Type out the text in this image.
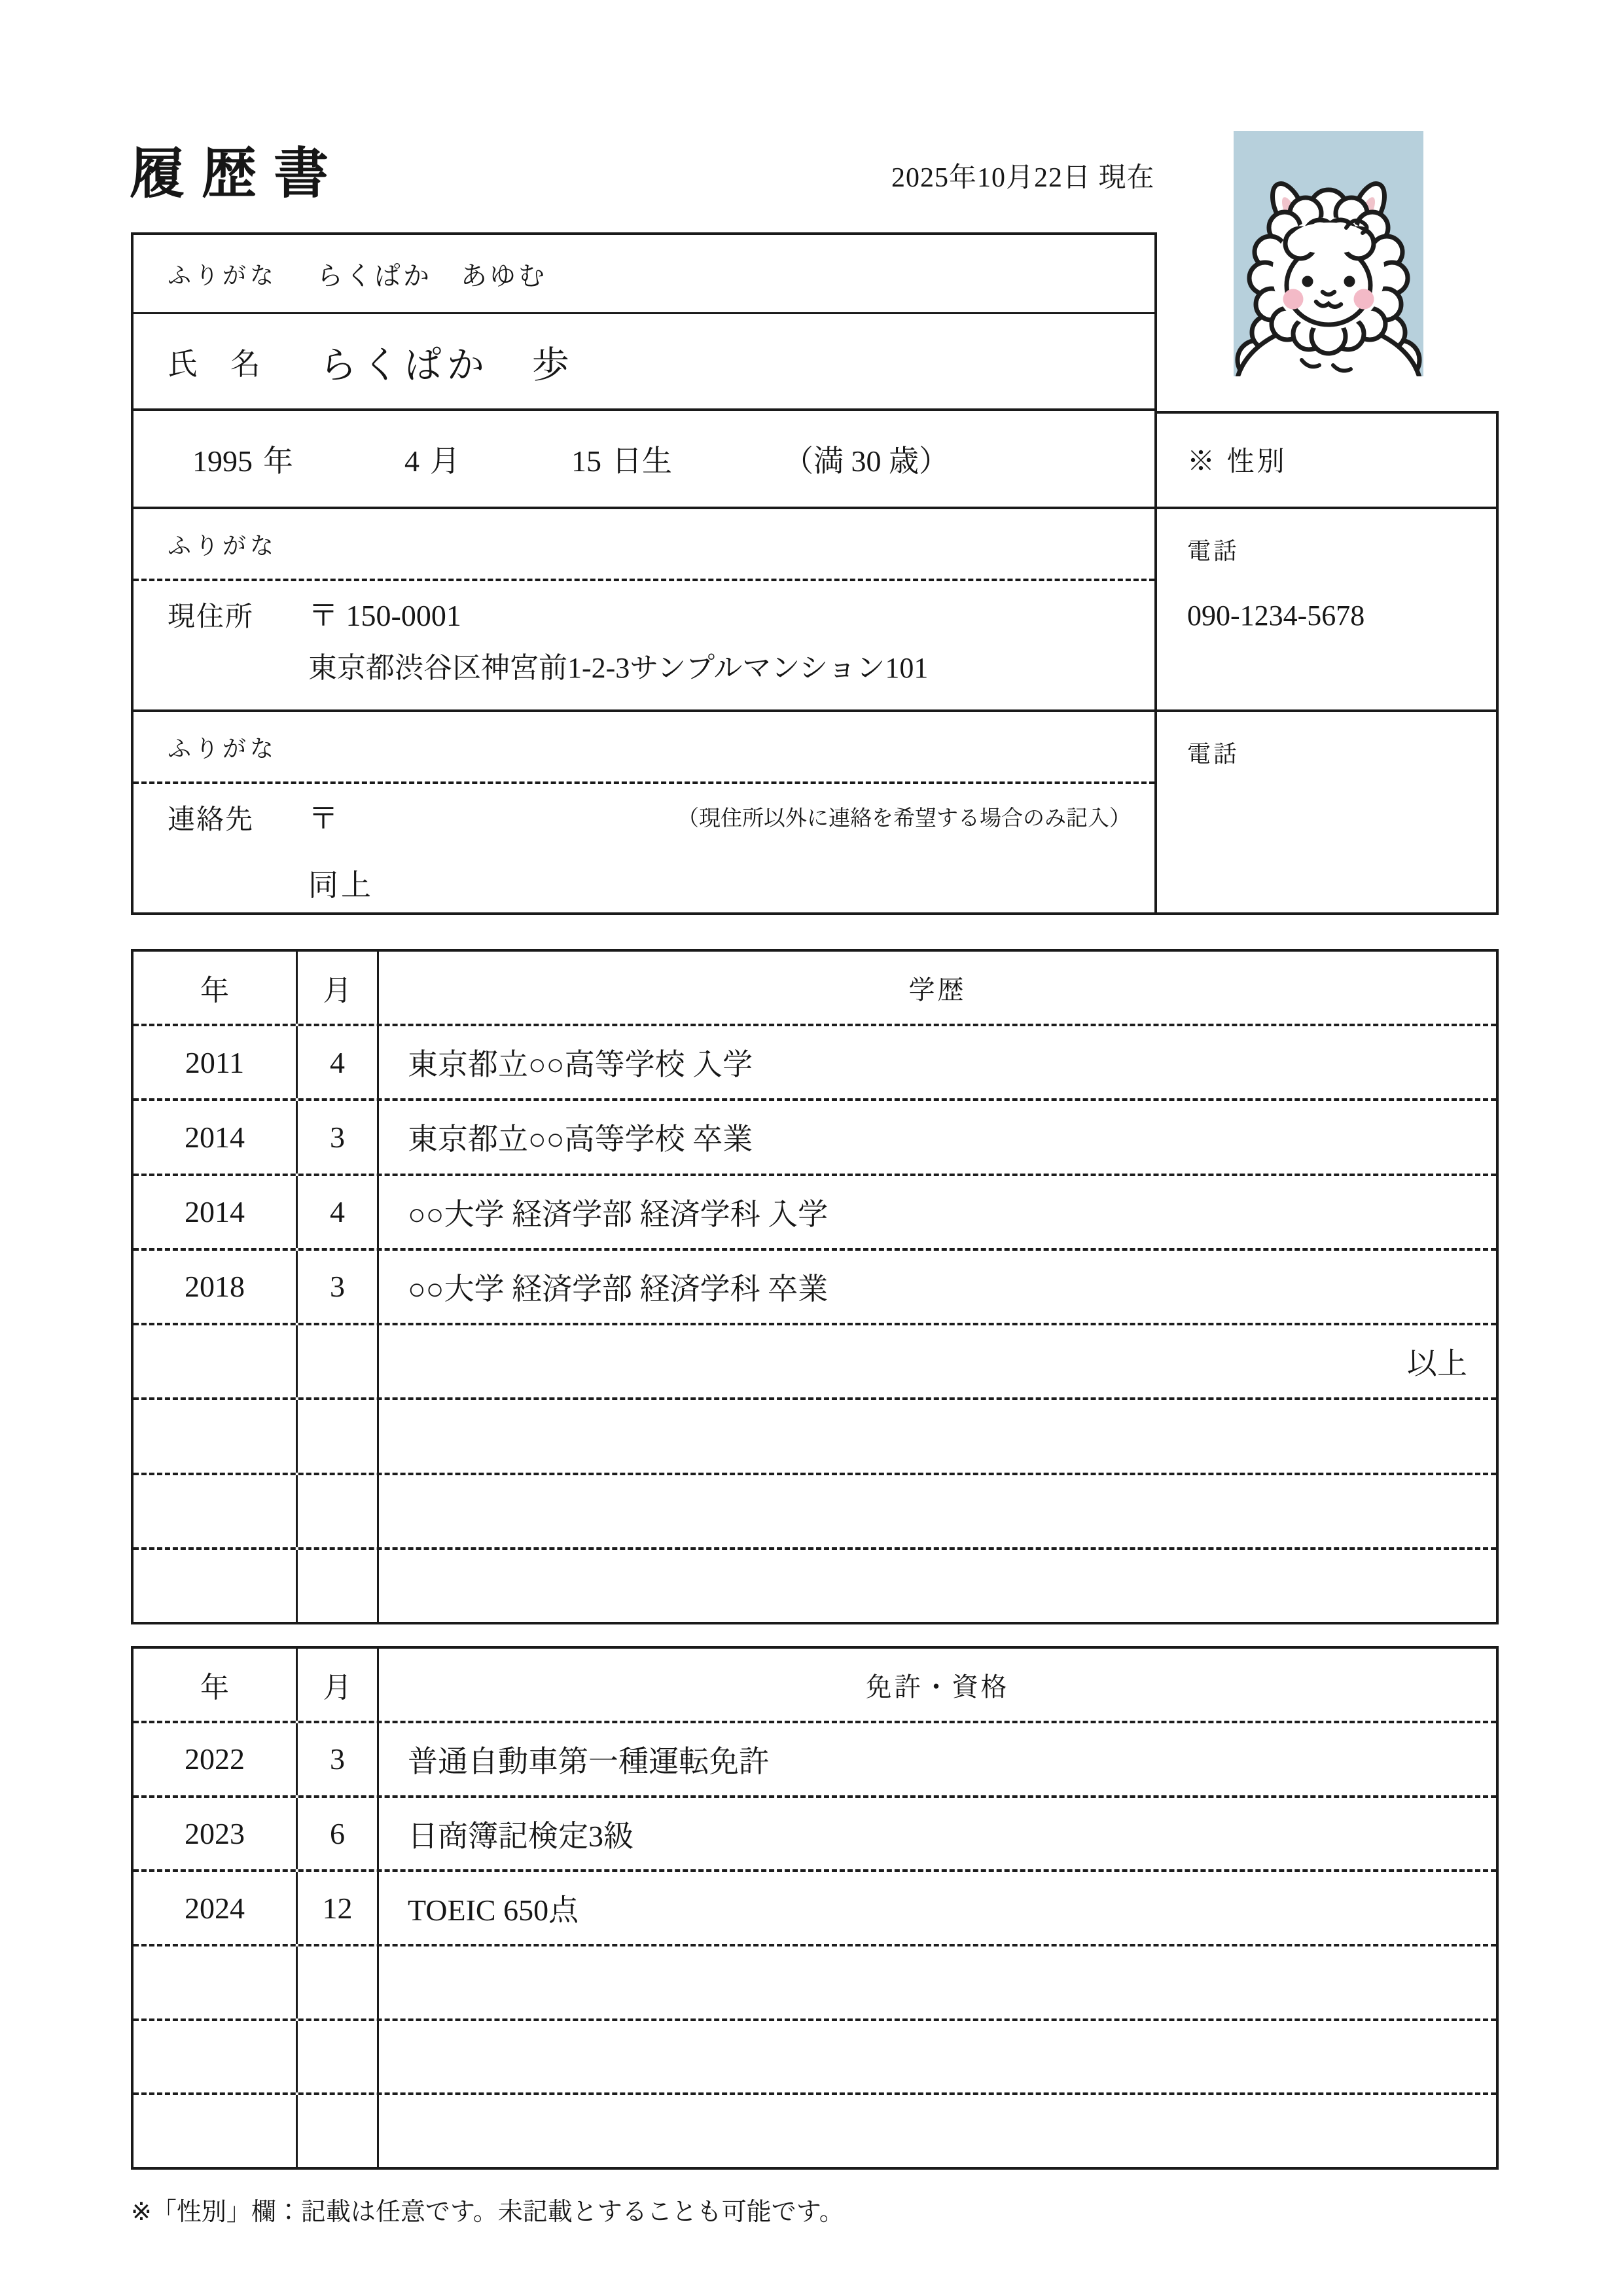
履歴書	2025年10月22日 現在
ふりがな らくぱか　あゆむ
氏　名 らくぱか　歩
1995 年	4 月	15 日生	（満 30 歳）	※ 性別
ふりがな
現住所	〒 150-0001
東京都渋谷区神宮前1-2-3サンプルマンション101
電話
090-1234-5678
ふりがな
連絡先	〒	（現住所以外に連絡を希望する場合のみ記入）
同上
電話
年	月	学歴
2011	4	東京都立○○高等学校 入学
2014	3	東京都立○○高等学校 卒業
2014	4	○○大学 経済学部 経済学科 入学
2018	3	○○大学 経済学部 経済学科 卒業
以上
年	月	免許・資格
2022	3	普通自動車第一種運転免許
2023	6	日商簿記検定3級
2024	12	TOEIC 650点
※「性別」欄：記載は任意です。未記載とすることも可能です。
